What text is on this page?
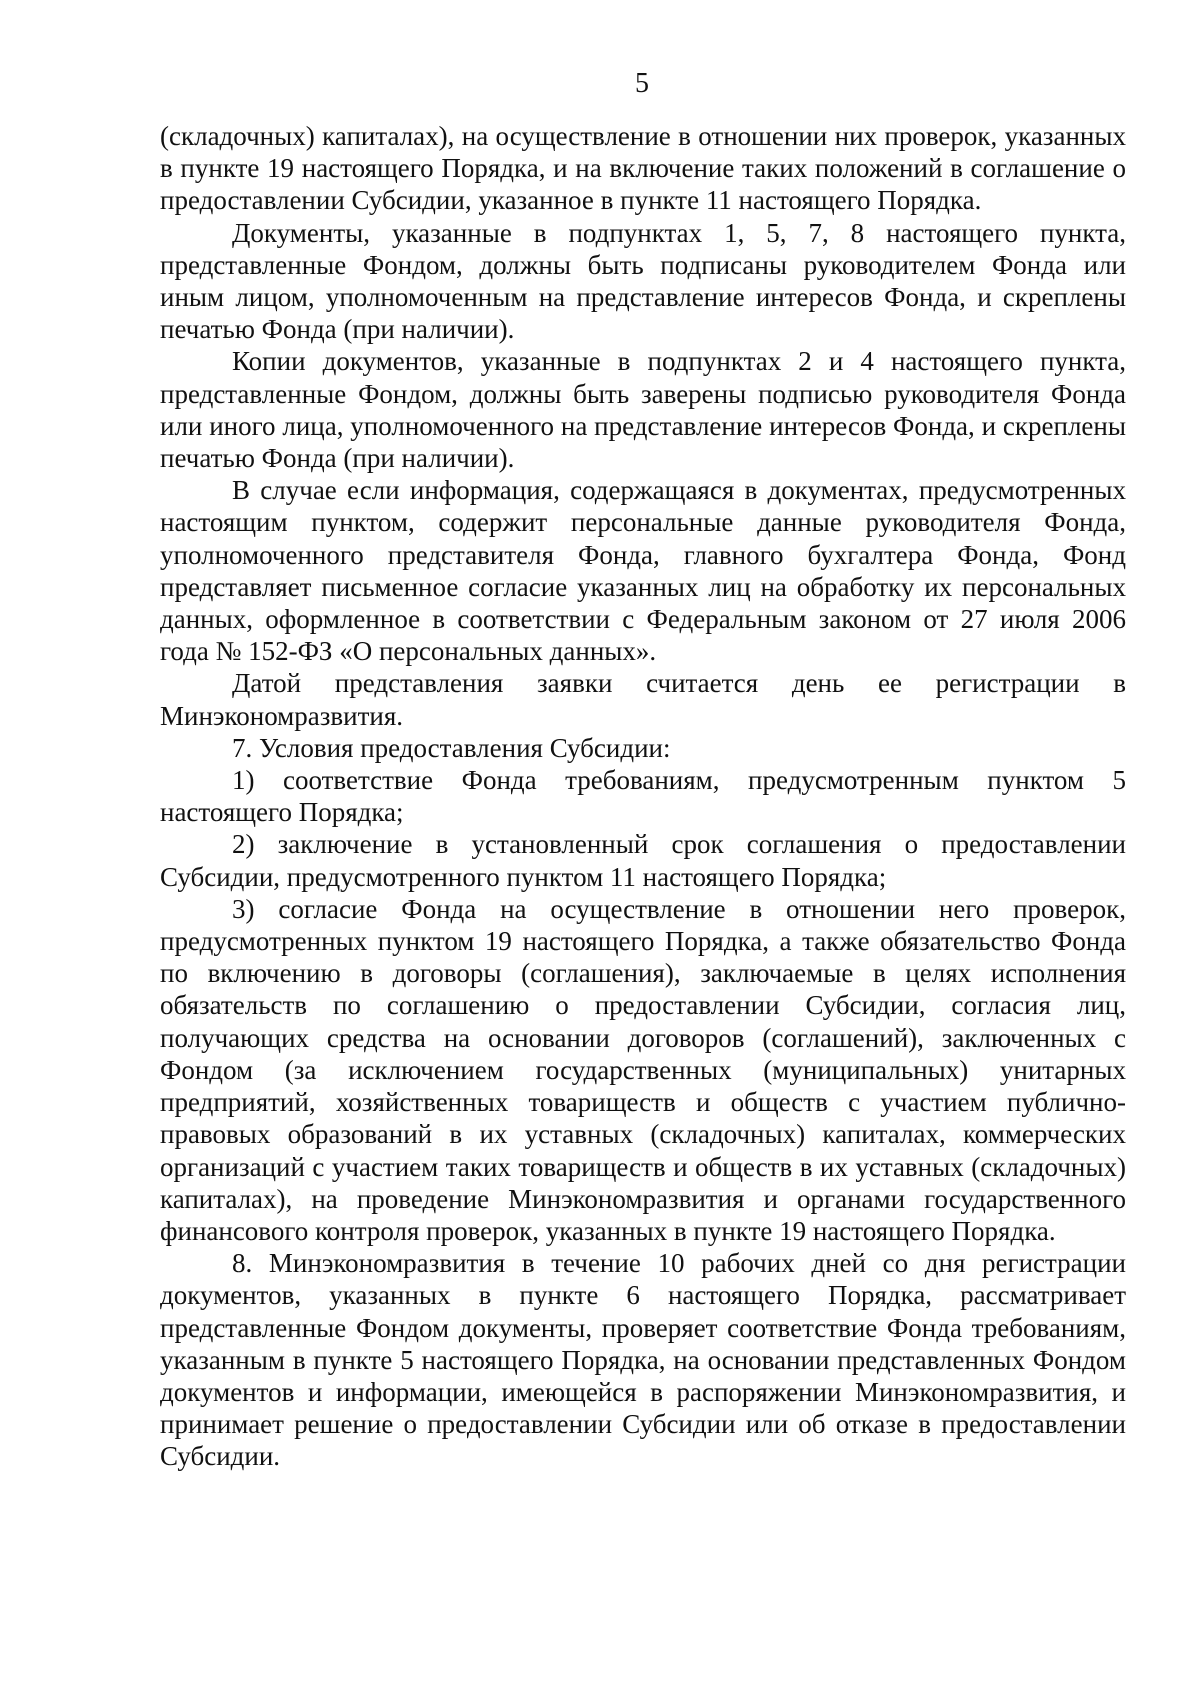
5

(складочных) капиталах), на осуществление в отношении них проверок, указанных в пункте 19 настоящего Порядка, и на включение таких положений в соглашение о предоставлении Субсидии, указанное в пункте 11 настоящего Порядка.

Документы, указанные в подпунктах 1, 5, 7, 8 настоящего пункта, представленные Фондом, должны быть подписаны руководителем Фонда или иным лицом, уполномоченным на представление интересов Фонда, и скреплены печатью Фонда (при наличии).

Копии документов, указанные в подпунктах 2 и 4 настоящего пункта, представленные Фондом, должны быть заверены подписью руководителя Фонда или иного лица, уполномоченного на представление интересов Фонда, и скреплены печатью Фонда (при наличии).

В случае если информация, содержащаяся в документах, предусмотренных настоящим пунктом, содержит персональные данные руководителя Фонда, уполномоченного представителя Фонда, главного бухгалтера Фонда, Фонд представляет письменное согласие указанных лиц на обработку их персональных данных, оформленное в соответствии с Федеральным законом от 27 июля 2006 года № 152-ФЗ «О персональных данных».

Датой представления заявки считается день ее регистрации в Минэкономразвития.

7. Условия предоставления Субсидии:

1) соответствие Фонда требованиям, предусмотренным пунктом 5 настоящего Порядка;

2) заключение в установленный срок соглашения о предоставлении Субсидии, предусмотренного пунктом 11 настоящего Порядка;

3) согласие Фонда на осуществление в отношении него проверок, предусмотренных пунктом 19 настоящего Порядка, а также обязательство Фонда по включению в договоры (соглашения), заключаемые в целях исполнения обязательств по соглашению о предоставлении Субсидии, согласия лиц, получающих средства на основании договоров (соглашений), заключенных с Фондом (за исключением государственных (муниципальных) унитарных предприятий, хозяйственных товариществ и обществ с участием публично-правовых образований в их уставных (складочных) капиталах, коммерческих организаций с участием таких товариществ и обществ в их уставных (складочных) капиталах), на проведение Минэкономразвития и органами государственного финансового контроля проверок, указанных в пункте 19 настоящего Порядка.

8. Минэкономразвития в течение 10 рабочих дней со дня регистрации документов, указанных в пункте 6 настоящего Порядка, рассматривает представленные Фондом документы, проверяет соответствие Фонда требованиям, указанным в пункте 5 настоящего Порядка, на основании представленных Фондом документов и информации, имеющейся в распоряжении Минэкономразвития, и принимает решение о предоставлении Субсидии или об отказе в предоставлении Субсидии.
